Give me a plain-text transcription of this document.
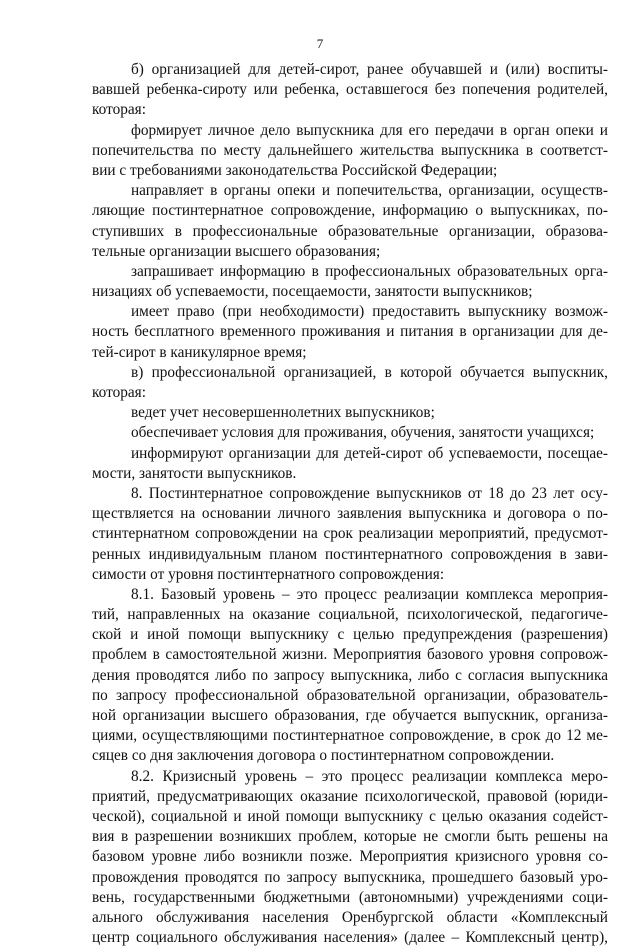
7
б) организацией для детей-сирот, ранее обучавшей и (или) воспиты-
вавшей ребенка-сироту или ребенка, оставшегося без попечения родителей,
которая:
формирует личное дело выпускника для его передачи в орган опеки и
попечительства по месту дальнейшего жительства выпускника в соответст-
вии с требованиями законодательства Российской Федерации;
направляет в органы опеки и попечительства, организации, осуществ-
ляющие постинтернатное сопровождение, информацию о выпускниках, по-
ступивших в профессиональные образовательные организации, образова-
тельные организации высшего образования;
запрашивает информацию в профессиональных образовательных орга-
низациях об успеваемости, посещаемости, занятости выпускников;
имеет право (при необходимости) предоставить выпускнику возмож-
ность бесплатного временного проживания и питания в организации для де-
тей-сирот в каникулярное время;
в) профессиональной организацией, в которой обучается выпускник,
которая:
ведет учет несовершеннолетних выпускников;
обеспечивает условия для проживания, обучения, занятости учащихся;
информируют организации для детей-сирот об успеваемости, посещае-
мости, занятости выпускников.
8. Постинтернатное сопровождение выпускников от 18 до 23 лет осу-
ществляется на основании личного заявления выпускника и договора о по-
стинтернатном сопровождении на срок реализации мероприятий, предусмот-
ренных индивидуальным планом постинтернатного сопровождения в зави-
симости от уровня постинтернатного сопровождения:
8.1. Базовый уровень – это процесс реализации комплекса мероприя-
тий, направленных на оказание социальной, психологической, педагогиче-
ской и иной помощи выпускнику с целью предупреждения (разрешения)
проблем в самостоятельной жизни. Мероприятия базового уровня сопровож-
дения проводятся либо по запросу выпускника, либо с согласия выпускника
по запросу профессиональной образовательной организации, образователь-
ной организации высшего образования, где обучается выпускник, организа-
циями, осуществляющими постинтернатное сопровождение, в срок до 12 ме-
сяцев со дня заключения договора о постинтернатном сопровождении.
8.2. Кризисный уровень – это процесс реализации комплекса меро-
приятий, предусматривающих оказание психологической, правовой (юриди-
ческой), социальной и иной помощи выпускнику с целью оказания содейст-
вия в разрешении возникших проблем, которые не смогли быть решены на
базовом уровне либо возникли позже. Мероприятия кризисного уровня со-
провождения проводятся по запросу выпускника, прошедшего базовый уро-
вень, государственными бюджетными (автономными) учреждениями соци-
ального обслуживания населения Оренбургской области «Комплексный
центр социального обслуживания населения» (далее – Комплексный центр),
